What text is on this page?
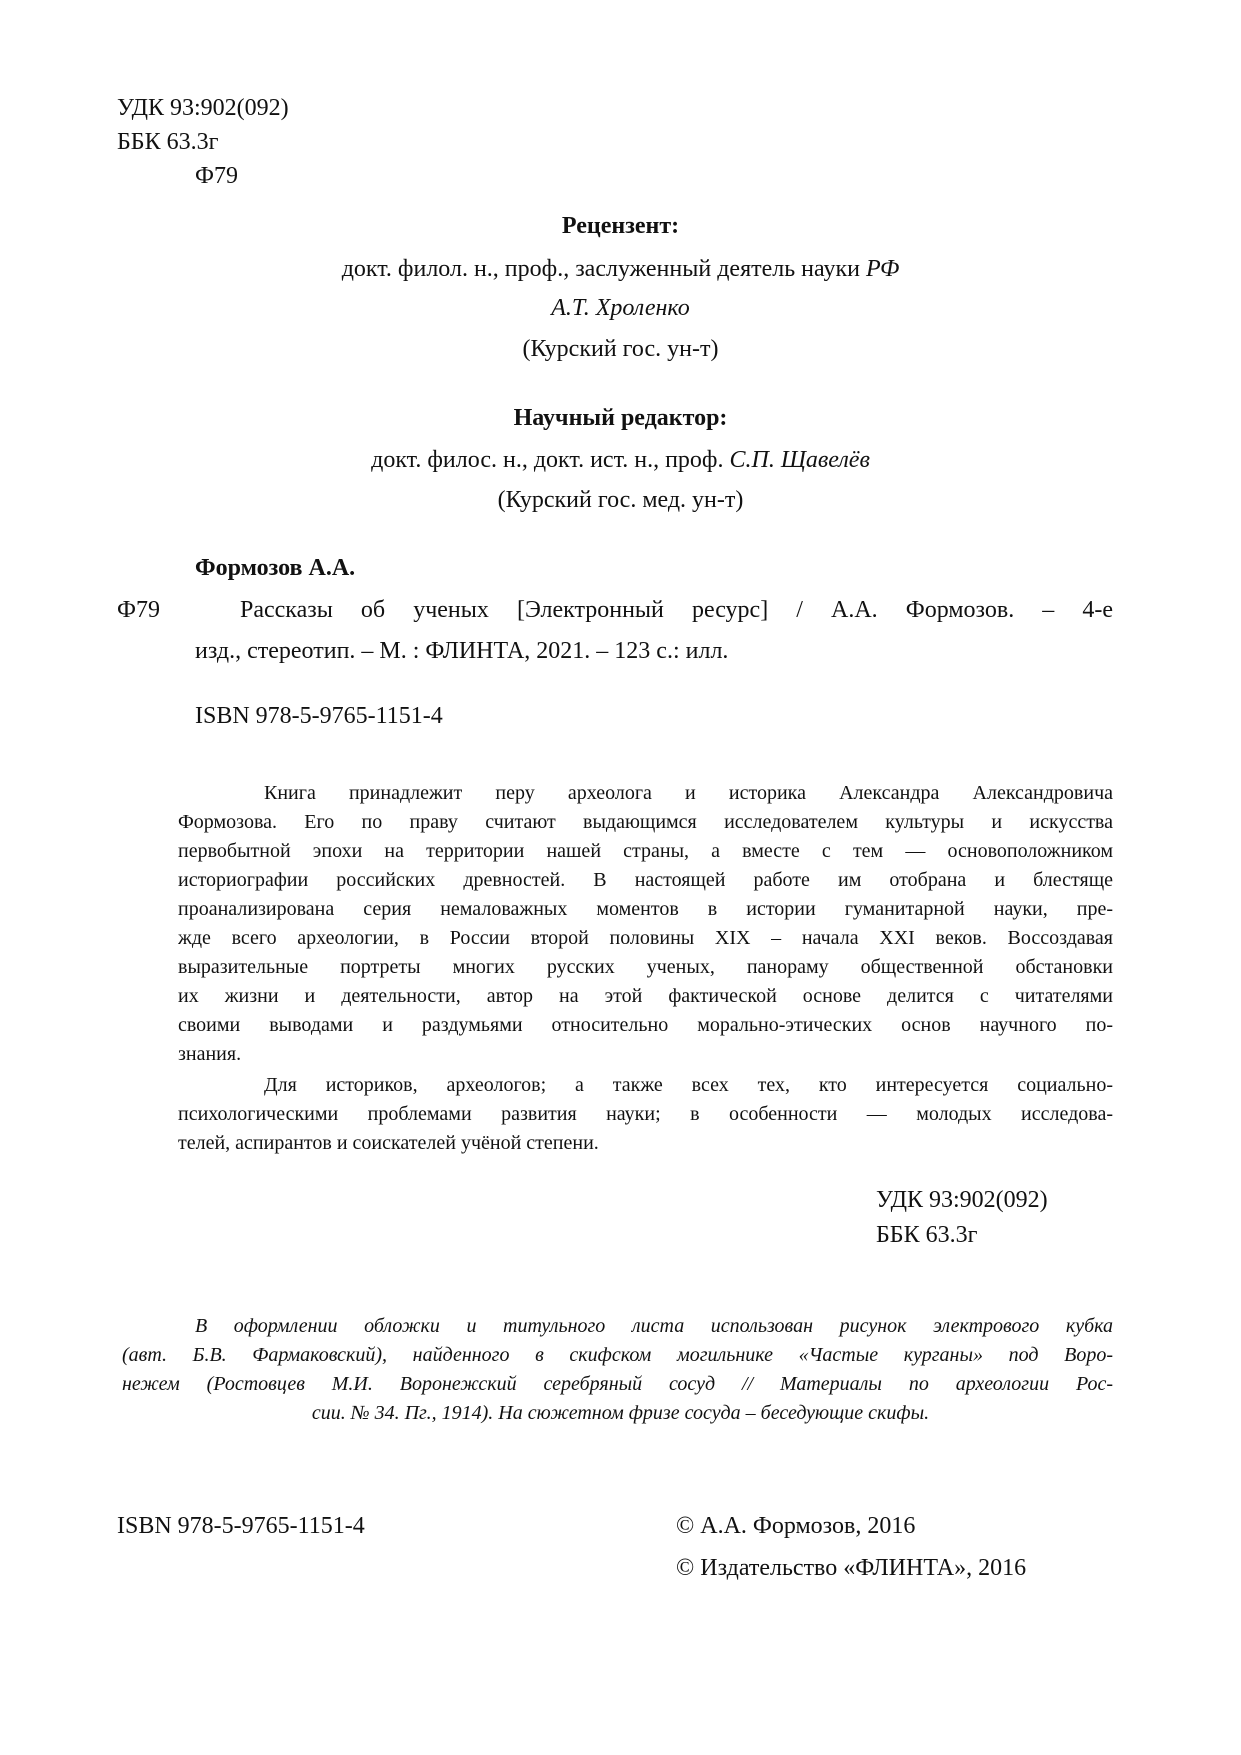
УДК 93:902(092)
ББК 63.3г
Ф79
Рецензент:
докт. филол. н., проф., заслуженный деятель науки РФ
А.Т. Хроленко
(Курский гос. ун-т)
Научный редактор:
докт. филос. н., докт. ист. н., проф. С.П. Щавелёв
(Курский гос. мед. ун-т)
Формозов А.А.
Ф79	Рассказы об ученых [Электронный ресурс] / А.А. Формозов. – 4-е
изд., стереотип. – М. : ФЛИНТА, 2021. – 123 с.: илл.
ISBN 978-5-9765-1151-4
Книга принадлежит перу археолога и историка Александра Александровича
Формозова. Его по праву считают выдающимся исследователем культуры и искусства
первобытной эпохи на территории нашей страны, а вместе с тем — основоположником
историографии российских древностей. В настоящей работе им отобрана и блестяще
проанализирована серия немаловажных моментов в истории гуманитарной науки, пре-
жде всего археологии, в России второй половины XIX – начала XXI веков. Воссоздавая
выразительные портреты многих русских ученых, панораму общественной обстановки
их жизни и деятельности, автор на этой фактической основе делится с читателями
своими выводами и раздумьями относительно морально-этических основ научного по-
знания.
Для историков, археологов; а также всех тех, кто интересуется социально-
психологическими проблемами развития науки; в особенности — молодых исследова-
телей, аспирантов и соискателей учёной степени.
УДК 93:902(092)
ББК 63.3г
В оформлении обложки и титульного листа использован рисунок электрового кубка
(авт. Б.В. Фармаковский), найденного в скифском могильнике «Частые курганы» под Воро-
нежем (Ростовцев М.И. Воронежский серебряный сосуд // Материалы по археологии Рос-
сии. № 34. Пг., 1914). На сюжетном фризе сосуда – беседующие скифы.
ISBN 978-5-9765-1151-4	© А.А. Формозов, 2016
© Издательство «ФЛИНТА», 2016
